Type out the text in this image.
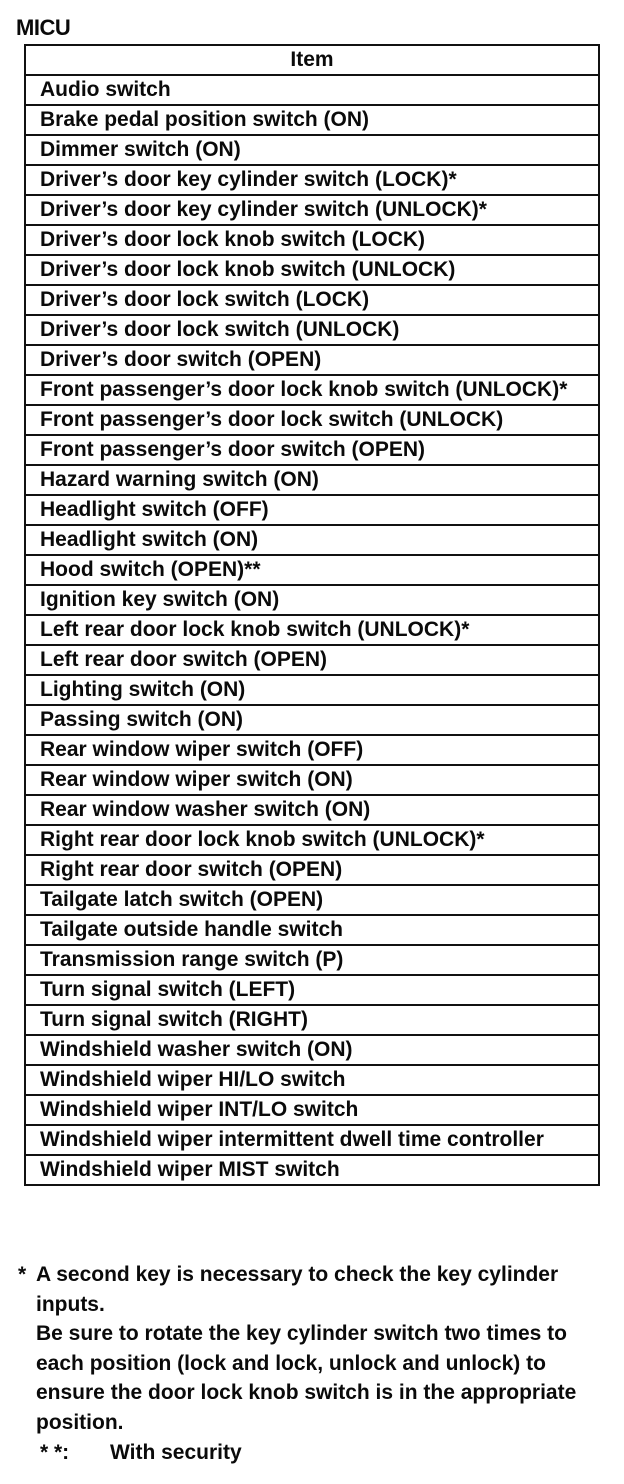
MICU
Item
Audio switch
Brake pedal position switch (ON)
Dimmer switch (ON)
Driver’s door key cylinder switch (LOCK)*
Driver’s door key cylinder switch (UNLOCK)*
Driver’s door lock knob switch (LOCK)
Driver’s door lock knob switch (UNLOCK)
Driver’s door lock switch (LOCK)
Driver’s door lock switch (UNLOCK)
Driver’s door switch (OPEN)
Front passenger’s door lock knob switch (UNLOCK)*
Front passenger’s door lock switch (UNLOCK)
Front passenger’s door switch (OPEN)
Hazard warning switch (ON)
Headlight switch (OFF)
Headlight switch (ON)
Hood switch (OPEN)**
Ignition key switch (ON)
Left rear door lock knob switch (UNLOCK)*
Left rear door switch (OPEN)
Lighting switch (ON)
Passing switch (ON)
Rear window wiper switch (OFF)
Rear window wiper switch (ON)
Rear window washer switch (ON)
Right rear door lock knob switch (UNLOCK)*
Right rear door switch (OPEN)
Tailgate latch switch (OPEN)
Tailgate outside handle switch
Transmission range switch (P)
Turn signal switch (LEFT)
Turn signal switch (RIGHT)
Windshield washer switch (ON)
Windshield wiper HI/LO switch
Windshield wiper INT/LO switch
Windshield wiper intermittent dwell time controller
Windshield wiper MIST switch
* A second key is necessary to check the key cylinder inputs.
Be sure to rotate the key cylinder switch two times to each position (lock and lock, unlock and unlock) to ensure the door lock knob switch is in the appropriate position.
* *:	With security
